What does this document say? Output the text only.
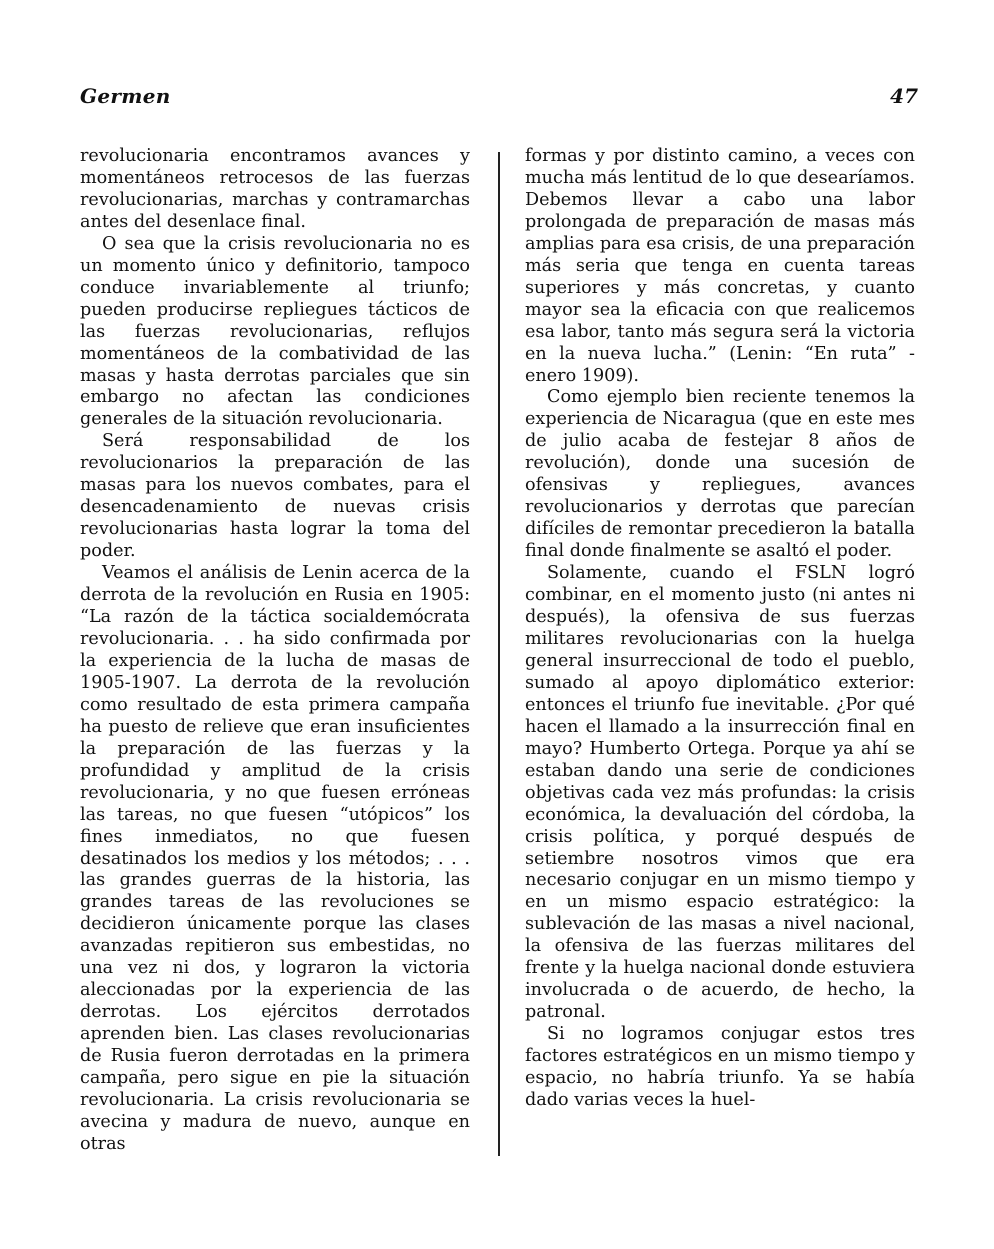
Germen	47

revolucionaria encontramos avances y momentáneos retrocesos de las fuerzas revolucionarias, marchas y contramarchas antes del desenlace final.

O sea que la crisis revolucionaria no es un momento único y definitorio, tampoco conduce invariablemente al triunfo; pueden producirse repliegues tácticos de las fuerzas revolucionarias, reflujos momentáneos de la combatividad de las masas y hasta derrotas parciales que sin embargo no afectan las condiciones generales de la situación revolucionaria.

Será responsabilidad de los revolucionarios la preparación de las masas para los nuevos combates, para el desencadenamiento de nuevas crisis revolucionarias hasta lograr la toma del poder.

Veamos el análisis de Lenin acerca de la derrota de la revolución en Rusia en 1905: “La razón de la táctica socialdemócrata revolucionaria. . . ha sido confirmada por la experiencia de la lucha de masas de 1905-1907. La derrota de la revolución como resultado de esta primera campaña ha puesto de relieve que eran insuficientes la preparación de las fuerzas y la profundidad y amplitud de la crisis revolucionaria, y no que fuesen erróneas las tareas, no que fuesen “utópicos” los fines inmediatos, no que fuesen desatinados los medios y los métodos; . . . las grandes guerras de la historia, las grandes tareas de las revoluciones se decidieron únicamente porque las clases avanzadas repitieron sus embestidas, no una vez ni dos, y lograron la victoria aleccionadas por la experiencia de las derrotas. Los ejércitos derrotados aprenden bien. Las clases revolucionarias de Rusia fueron derrotadas en la primera campaña, pero sigue en pie la situación revolucionaria. La crisis revolucionaria se avecina y madura de nuevo, aunque en otras

formas y por distinto camino, a veces con mucha más lentitud de lo que desearíamos. Debemos llevar a cabo una labor prolongada de preparación de masas más amplias para esa crisis, de una preparación más seria que tenga en cuenta tareas superiores y más concretas, y cuanto mayor sea la eficacia con que realicemos esa labor, tanto más segura será la victoria en la nueva lucha.” (Lenin: “En ruta” - enero 1909).

Como ejemplo bien reciente tenemos la experiencia de Nicaragua (que en este mes de julio acaba de festejar 8 años de revolución), donde una sucesión de ofensivas y repliegues, avances revolucionarios y derrotas que parecían difíciles de remontar precedieron la batalla final donde finalmente se asaltó el poder.

Solamente, cuando el FSLN logró combinar, en el momento justo (ni antes ni después), la ofensiva de sus fuerzas militares revolucionarias con la huelga general insurreccional de todo el pueblo, sumado al apoyo diplomático exterior: entonces el triunfo fue inevitable. ¿Por qué hacen el llamado a la insurrección final en mayo? Humberto Ortega. Porque ya ahí se estaban dando una serie de condiciones objetivas cada vez más profundas: la crisis económica, la devaluación del córdoba, la crisis política, y porqué después de setiembre nosotros vimos que era necesario conjugar en un mismo tiempo y en un mismo espacio estratégico: la sublevación de las masas a nivel nacional, la ofensiva de las fuerzas militares del frente y la huelga nacional donde estuviera involucrada o de acuerdo, de hecho, la patronal.

Si no logramos conjugar estos tres factores estratégicos en un mismo tiempo y espacio, no habría triunfo. Ya se había dado varias veces la huel-
